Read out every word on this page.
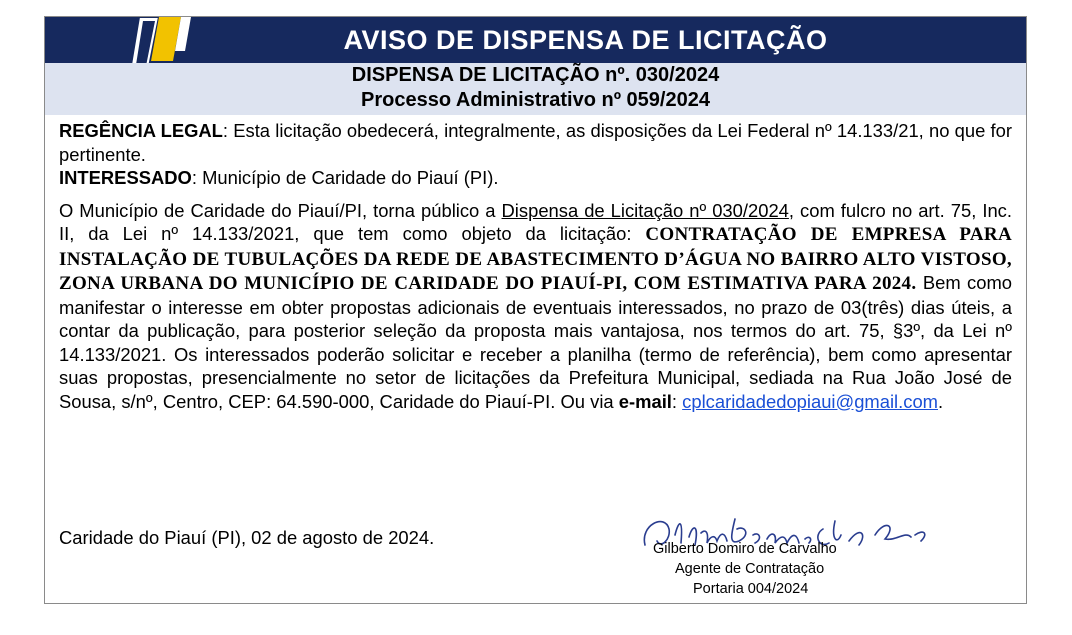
AVISO DE DISPENSA DE LICITAÇÃO
DISPENSA DE LICITAÇÃO nº. 030/2024
Processo Administrativo nº 059/2024

REGÊNCIA LEGAL: Esta licitação obedecerá, integralmente, as disposições da Lei Federal nº 14.133/21, no que for pertinente.

INTERESSADO: Município de Caridade do Piauí (PI).

O Município de Caridade do Piauí/PI, torna público a Dispensa de Licitação nº 030/2024, com fulcro no art. 75, Inc. II, da Lei nº 14.133/2021, que tem como objeto da licitação: CONTRATAÇÃO DE EMPRESA PARA INSTALAÇÃO DE TUBULAÇÕES DA REDE DE ABASTECIMENTO D’ÁGUA NO BAIRRO ALTO VISTOSO, ZONA URBANA DO MUNICÍPIO DE CARIDADE DO PIAUÍ-PI, COM ESTIMATIVA PARA 2024. Bem como manifestar o interesse em obter propostas adicionais de eventuais interessados, no prazo de 03(três) dias úteis, a contar da publicação, para posterior seleção da proposta mais vantajosa, nos termos do art. 75, §3º, da Lei nº 14.133/2021. Os interessados poderão solicitar e receber a planilha (termo de referência), bem como apresentar suas propostas, presencialmente no setor de licitações da Prefeitura Municipal, sediada na Rua João José de Sousa, s/nº, Centro, CEP: 64.590-000, Caridade do Piauí-PI. Ou via e-mail: cplcaridadedopiaui@gmail.com.

Caridade do Piauí (PI), 02 de agosto de 2024.
Gilberto Domiro de Carvalho
Agente de Contratação
Portaria 004/2024
